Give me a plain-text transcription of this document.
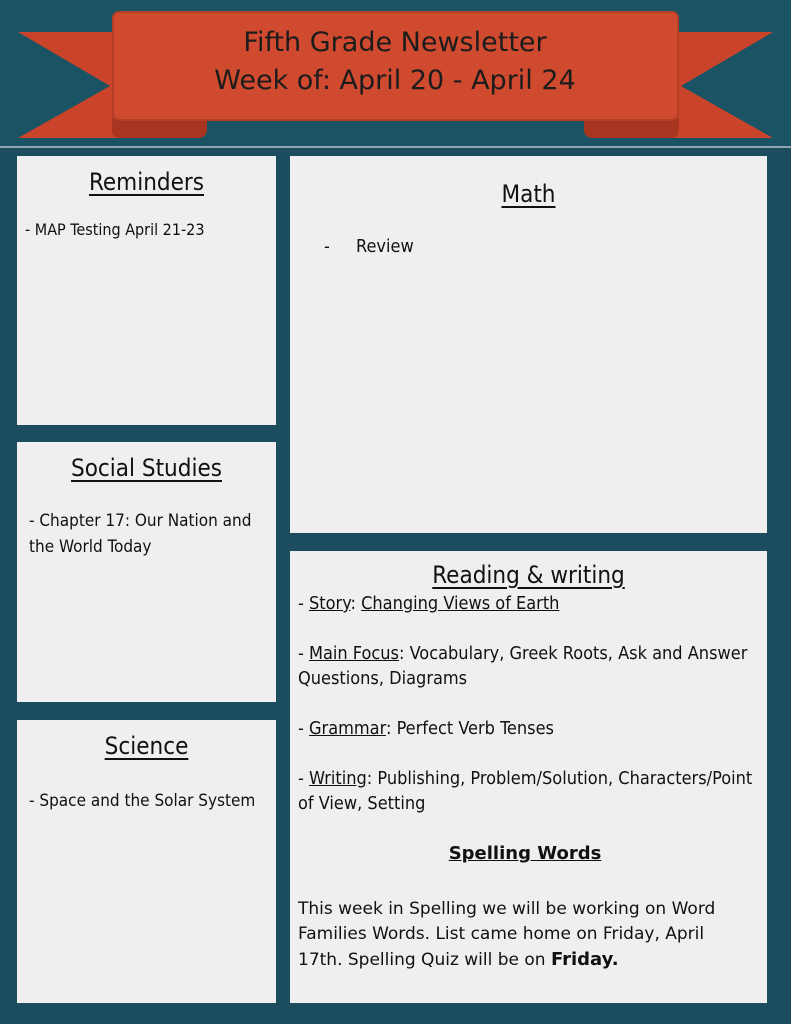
Fifth Grade Newsletter
Week of: April 20 - April 24
Reminders

- MAP Testing April 21-23

Social Studies

- Chapter 17: Our Nation and the World Today

Science

- Space and the Solar System

Math

- Review

Reading & writing

- Story: Changing Views of Earth

- Main Focus: Vocabulary, Greek Roots, Ask and Answer Questions, Diagrams

- Grammar: Perfect Verb Tenses

- Writing: Publishing, Problem/Solution, Characters/Point of View, Setting

Spelling Words

This week in Spelling we will be working on Word Families Words. List came home on Friday, April 17th. Spelling Quiz will be on Friday.
